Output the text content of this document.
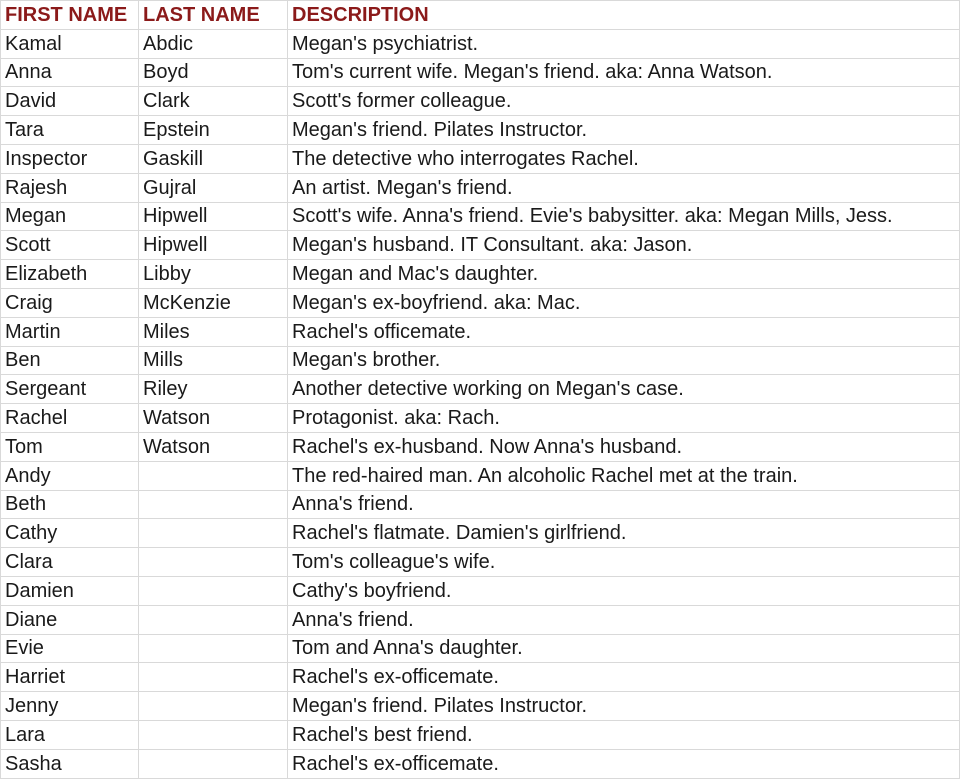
FIRST NAME	LAST NAME	DESCRIPTION
Kamal	Abdic	Megan's psychiatrist.
Anna	Boyd	Tom's current wife. Megan's friend. aka: Anna Watson.
David	Clark	Scott's former colleague.
Tara	Epstein	Megan's friend. Pilates Instructor.
Inspector	Gaskill	The detective who interrogates Rachel.
Rajesh	Gujral	An artist. Megan's friend.
Megan	Hipwell	Scott's wife. Anna's friend. Evie's babysitter. aka: Megan Mills, Jess.
Scott	Hipwell	Megan's husband. IT Consultant. aka: Jason.
Elizabeth	Libby	Megan and Mac's daughter.
Craig	McKenzie	Megan's ex-boyfriend. aka: Mac.
Martin	Miles	Rachel's officemate.
Ben	Mills	Megan's brother.
Sergeant	Riley	Another detective working on Megan's case.
Rachel	Watson	Protagonist. aka: Rach.
Tom	Watson	Rachel's ex-husband. Now Anna's husband.
Andy		The red-haired man. An alcoholic Rachel met at the train.
Beth		Anna's friend.
Cathy		Rachel's flatmate. Damien's girlfriend.
Clara		Tom's colleague's wife.
Damien		Cathy's boyfriend.
Diane		Anna's friend.
Evie		Tom and Anna's daughter.
Harriet		Rachel's ex-officemate.
Jenny		Megan's friend. Pilates Instructor.
Lara		Rachel's best friend.
Sasha		Rachel's ex-officemate.
